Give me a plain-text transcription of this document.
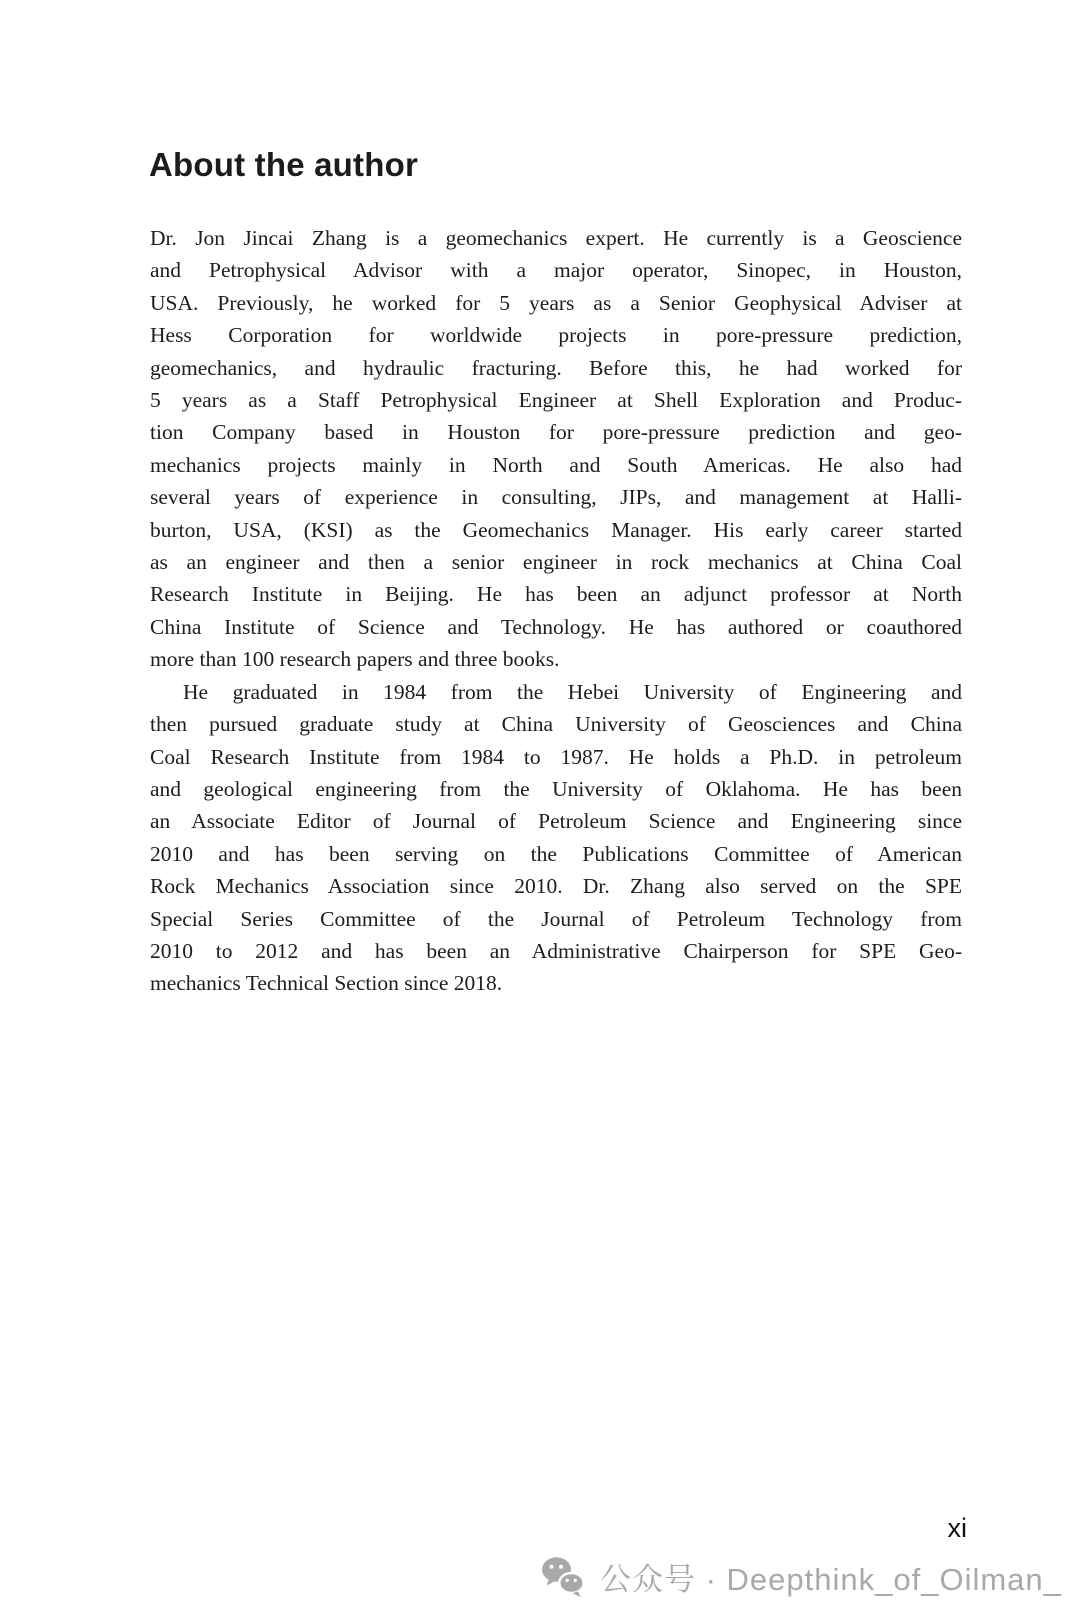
About the author
Dr. Jon Jincai Zhang is a geomechanics expert. He currently is a Geoscience
and Petrophysical Advisor with a major operator, Sinopec, in Houston,
USA. Previously, he worked for 5 years as a Senior Geophysical Adviser at
Hess Corporation for worldwide projects in pore-pressure prediction,
geomechanics, and hydraulic fracturing. Before this, he had worked for
5 years as a Staff Petrophysical Engineer at Shell Exploration and Produc-
tion Company based in Houston for pore-pressure prediction and geo-
mechanics projects mainly in North and South Americas. He also had
several years of experience in consulting, JIPs, and management at Halli-
burton, USA, (KSI) as the Geomechanics Manager. His early career started
as an engineer and then a senior engineer in rock mechanics at China Coal
Research Institute in Beijing. He has been an adjunct professor at North
China Institute of Science and Technology. He has authored or coauthored
more than 100 research papers and three books.
He graduated in 1984 from the Hebei University of Engineering and
then pursued graduate study at China University of Geosciences and China
Coal Research Institute from 1984 to 1987. He holds a Ph.D. in petroleum
and geological engineering from the University of Oklahoma. He has been
an Associate Editor of Journal of Petroleum Science and Engineering since
2010 and has been serving on the Publications Committee of American
Rock Mechanics Association since 2010. Dr. Zhang also served on the SPE
Special Series Committee of the Journal of Petroleum Technology from
2010 to 2012 and has been an Administrative Chairperson for SPE Geo-
mechanics Technical Section since 2018.
xi
公众号 · Deepthink_of_Oilman_
